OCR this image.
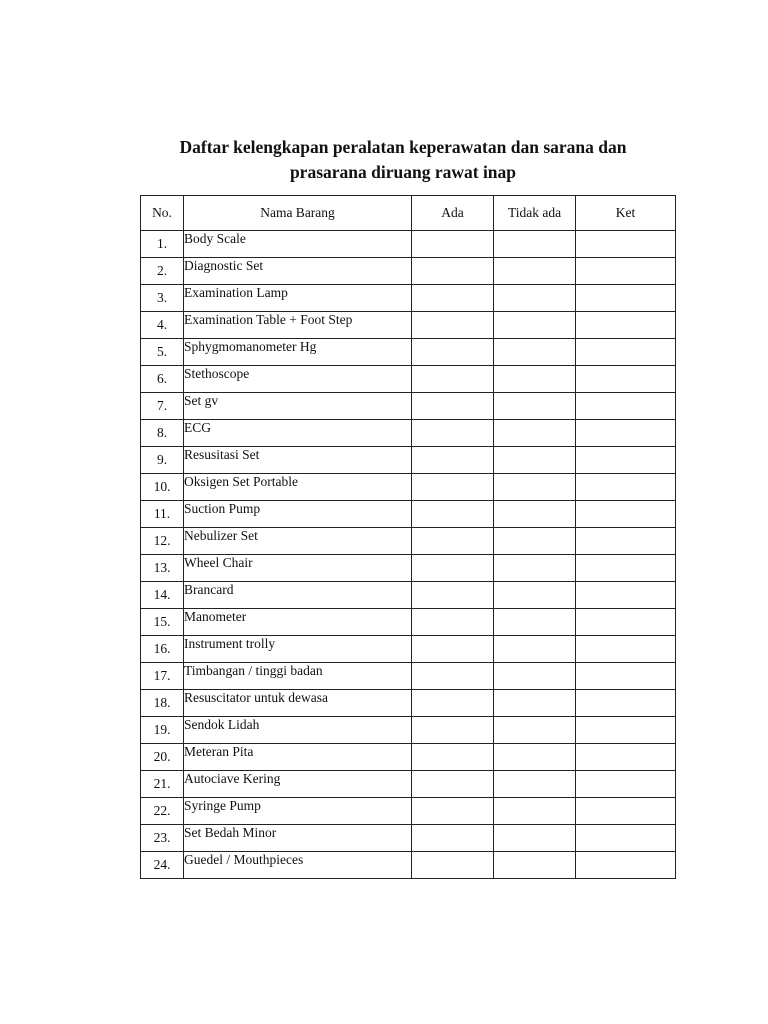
Daftar kelengkapan peralatan keperawatan dan sarana dan
prasarana diruang rawat inap
No.	Nama Barang	Ada	Tidak ada	Ket
1.	Body Scale			
2.	Diagnostic Set			
3.	Examination Lamp			
4.	Examination Table + Foot Step			
5.	Sphygmomanometer Hg			
6.	Stethoscope			
7.	Set gv			
8.	ECG			
9.	Resusitasi Set			
10.	Oksigen Set Portable			
11.	Suction Pump			
12.	Nebulizer Set			
13.	Wheel Chair			
14.	Brancard			
15.	Manometer			
16.	Instrument trolly			
17.	Timbangan / tinggi badan			
18.	Resuscitator untuk dewasa			
19.	Sendok Lidah			
20.	Meteran Pita			
21.	Autociave Kering			
22.	Syringe Pump			
23.	Set Bedah Minor			
24.	Guedel / Mouthpieces			
